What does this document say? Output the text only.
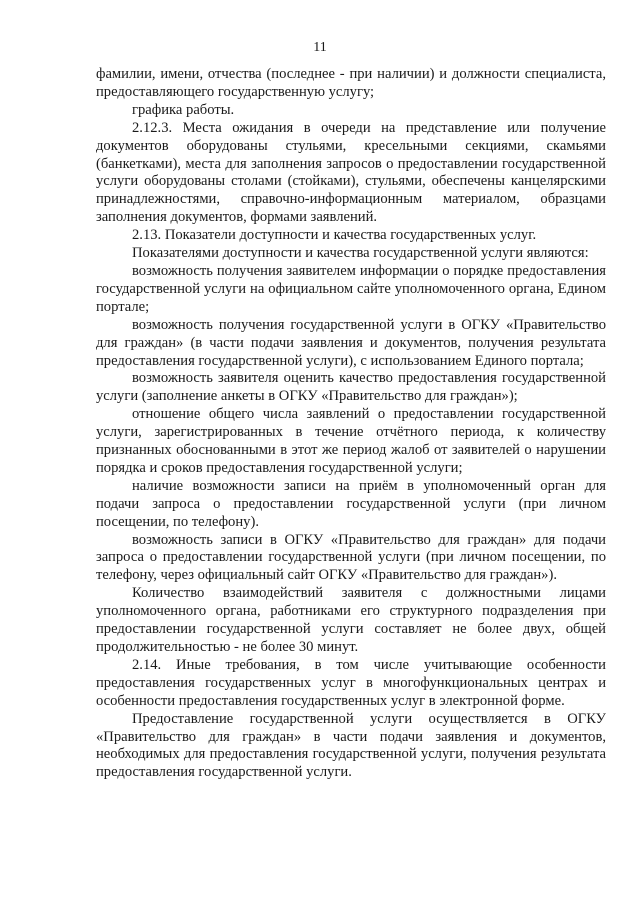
11

фамилии, имени, отчества (последнее - при наличии) и должности специалиста, предоставляющего государственную услугу;

графика работы.

2.12.3. Места ожидания в очереди на представление или получение документов оборудованы стульями, кресельными секциями, скамьями (банкетками), места для заполнения запросов о предоставлении государственной услуги оборудованы столами (стойками), стульями, обеспечены канцелярскими принадлежностями, справочно-информационным материалом, образцами заполнения документов, формами заявлений.

2.13. Показатели доступности и качества государственных услуг.

Показателями доступности и качества государственной услуги являются:

возможность получения заявителем информации о порядке предоставления государственной услуги на официальном сайте уполномоченного органа, Едином портале;

возможность получения государственной услуги в ОГКУ «Правительство для граждан» (в части подачи заявления и документов, получения результата предоставления государственной услуги), с использованием Единого портала;

возможность заявителя оценить качество предоставления государственной услуги (заполнение анкеты в ОГКУ «Правительство для граждан»);

отношение общего числа заявлений о предоставлении государственной услуги, зарегистрированных в течение отчётного периода, к количеству признанных обоснованными в этот же период жалоб от заявителей о нарушении порядка и сроков предоставления государственной услуги;

наличие возможности записи на приём в уполномоченный орган для подачи запроса о предоставлении государственной услуги (при личном посещении, по телефону).

возможность записи в ОГКУ «Правительство для граждан» для подачи запроса о предоставлении государственной услуги (при личном посещении, по телефону, через официальный сайт ОГКУ «Правительство для граждан»).

Количество взаимодействий заявителя с должностными лицами уполномоченного органа, работниками его структурного подразделения при предоставлении государственной услуги составляет не более двух, общей продолжительностью - не более 30 минут.

2.14. Иные требования, в том числе учитывающие особенности предоставления государственных услуг в многофункциональных центрах и особенности предоставления государственных услуг в электронной форме.

Предоставление государственной услуги осуществляется в ОГКУ «Правительство для граждан» в части подачи заявления и документов, необходимых для предоставления государственной услуги, получения результата предоставления государственной услуги.
